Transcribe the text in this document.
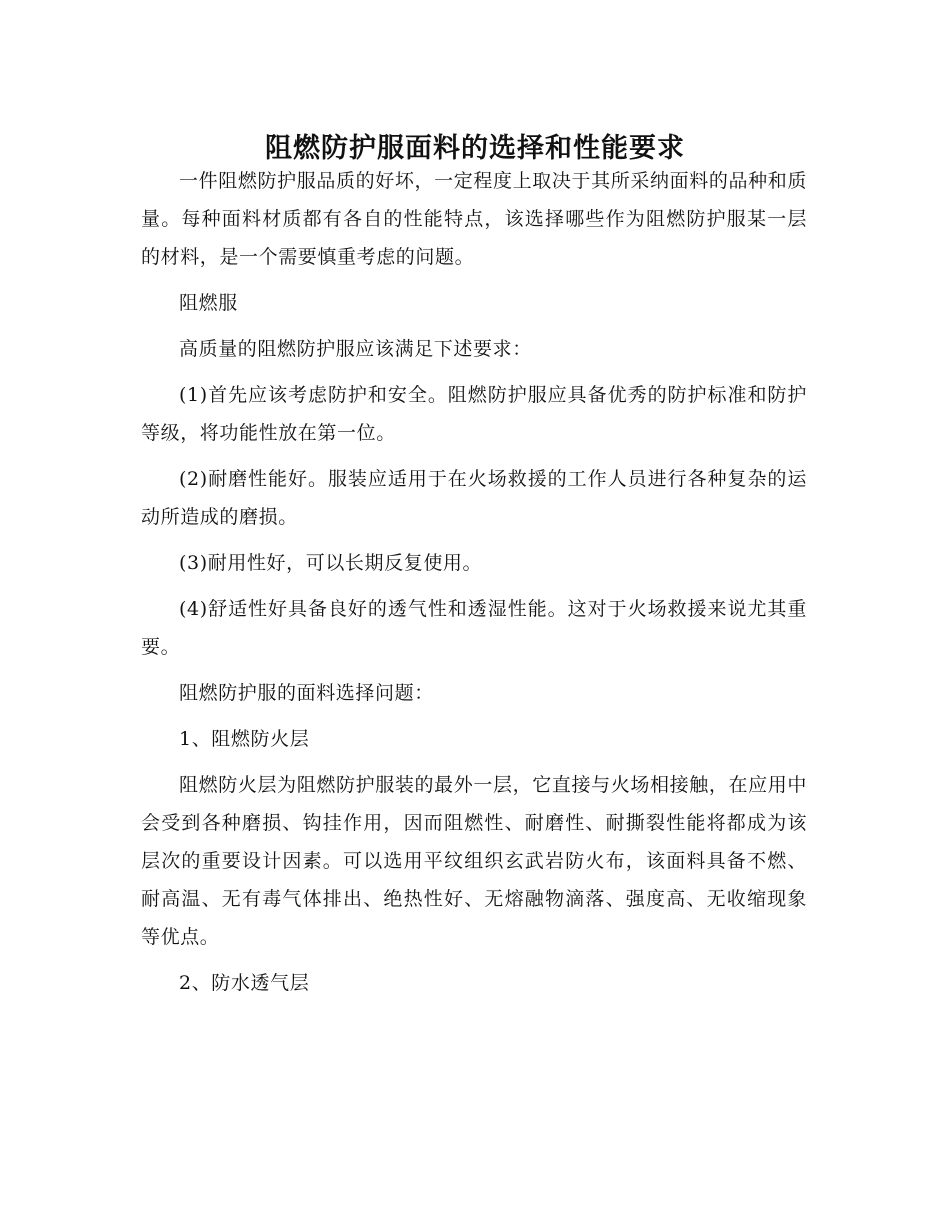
阻燃防护服面料的选择和性能要求

一件阻燃防护服品质的好坏，一定程度上取决于其所采纳面料的品种和质量。每种面料材质都有各自的性能特点，该选择哪些作为阻燃防护服某一层的材料，是一个需要慎重考虑的问题。

阻燃服

高质量的阻燃防护服应该满足下述要求：

(1)首先应该考虑防护和安全。阻燃防护服应具备优秀的防护标准和防护等级，将功能性放在第一位。

(2)耐磨性能好。服装应适用于在火场救援的工作人员进行各种复杂的运动所造成的磨损。

(3)耐用性好，可以长期反复使用。

(4)舒适性好具备良好的透气性和透湿性能。这对于火场救援来说尤其重要。

阻燃防护服的面料选择问题：

1、阻燃防火层

阻燃防火层为阻燃防护服装的最外一层，它直接与火场相接触，在应用中会受到各种磨损、钩挂作用，因而阻燃性、耐磨性、耐撕裂性能将都成为该层次的重要设计因素。可以选用平纹组织玄武岩防火布，该面料具备不燃、耐高温、无有毒气体排出、绝热性好、无熔融物滴落、强度高、无收缩现象等优点。

2、防水透气层
